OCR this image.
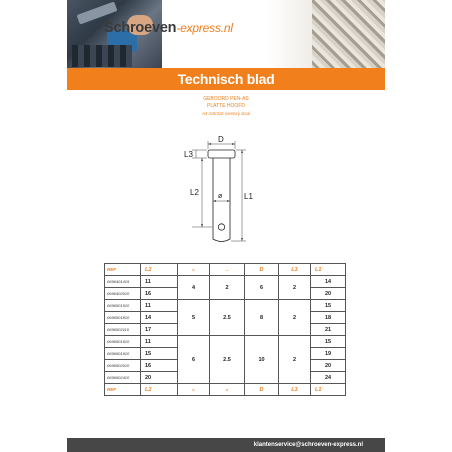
Schroeven-express.nl
Technisch blad
GEBOORD PEN-AS
PLATTE HOOFD
A4 AISI316 roestvrij staal
D
L3
L2	L1
ø
REF	L2	ø	—	D	L3	L1
0696401415	11	4	2	6	2	14
0696402010	16					20
0696501510	11	5	2.5	8	2	15
0696501810	14					18
0696502110	17					21
0696601510	11	6	2.5	10	2	15
0696601910	15					19
0696602010	16					20
0696602410	20					24
REF	L2	ø	ø	D	L3	L1
klantenservice@schroeven-express.nl
